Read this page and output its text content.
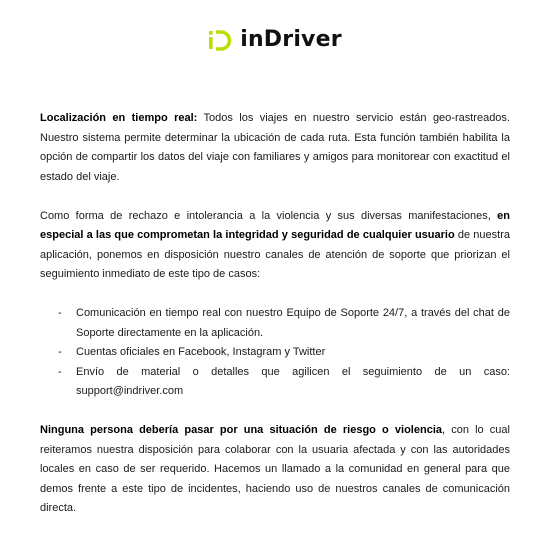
inDriver

Localización en tiempo real: Todos los viajes en nuestro servicio están geo-rastreados. Nuestro sistema permite determinar la ubicación de cada ruta. Esta función también habilita la opción de compartir los datos del viaje con familiares y amigos para monitorear con exactitud el estado del viaje.

Como forma de rechazo e intolerancia a la violencia y sus diversas manifestaciones, en especial a las que comprometan la integridad y seguridad de cualquier usuario de nuestra aplicación, ponemos en disposición nuestro canales de atención de soporte que priorizan el seguimiento inmediato de este tipo de casos:

- Comunicación en tiempo real con nuestro Equipo de Soporte 24/7, a través del chat de Soporte directamente en la aplicación.
- Cuentas oficiales en Facebook, Instagram y Twitter
- Envío de material o detalles que agilicen el seguimiento de un caso: support@indriver.com

Ninguna persona debería pasar por una situación de riesgo o violencia, con lo cual reiteramos nuestra disposición para colaborar con la usuaria afectada y con las autoridades locales en caso de ser requerido. Hacemos un llamado a la comunidad en general para que demos frente a este tipo de incidentes, haciendo uso de nuestros canales de comunicación directa.
